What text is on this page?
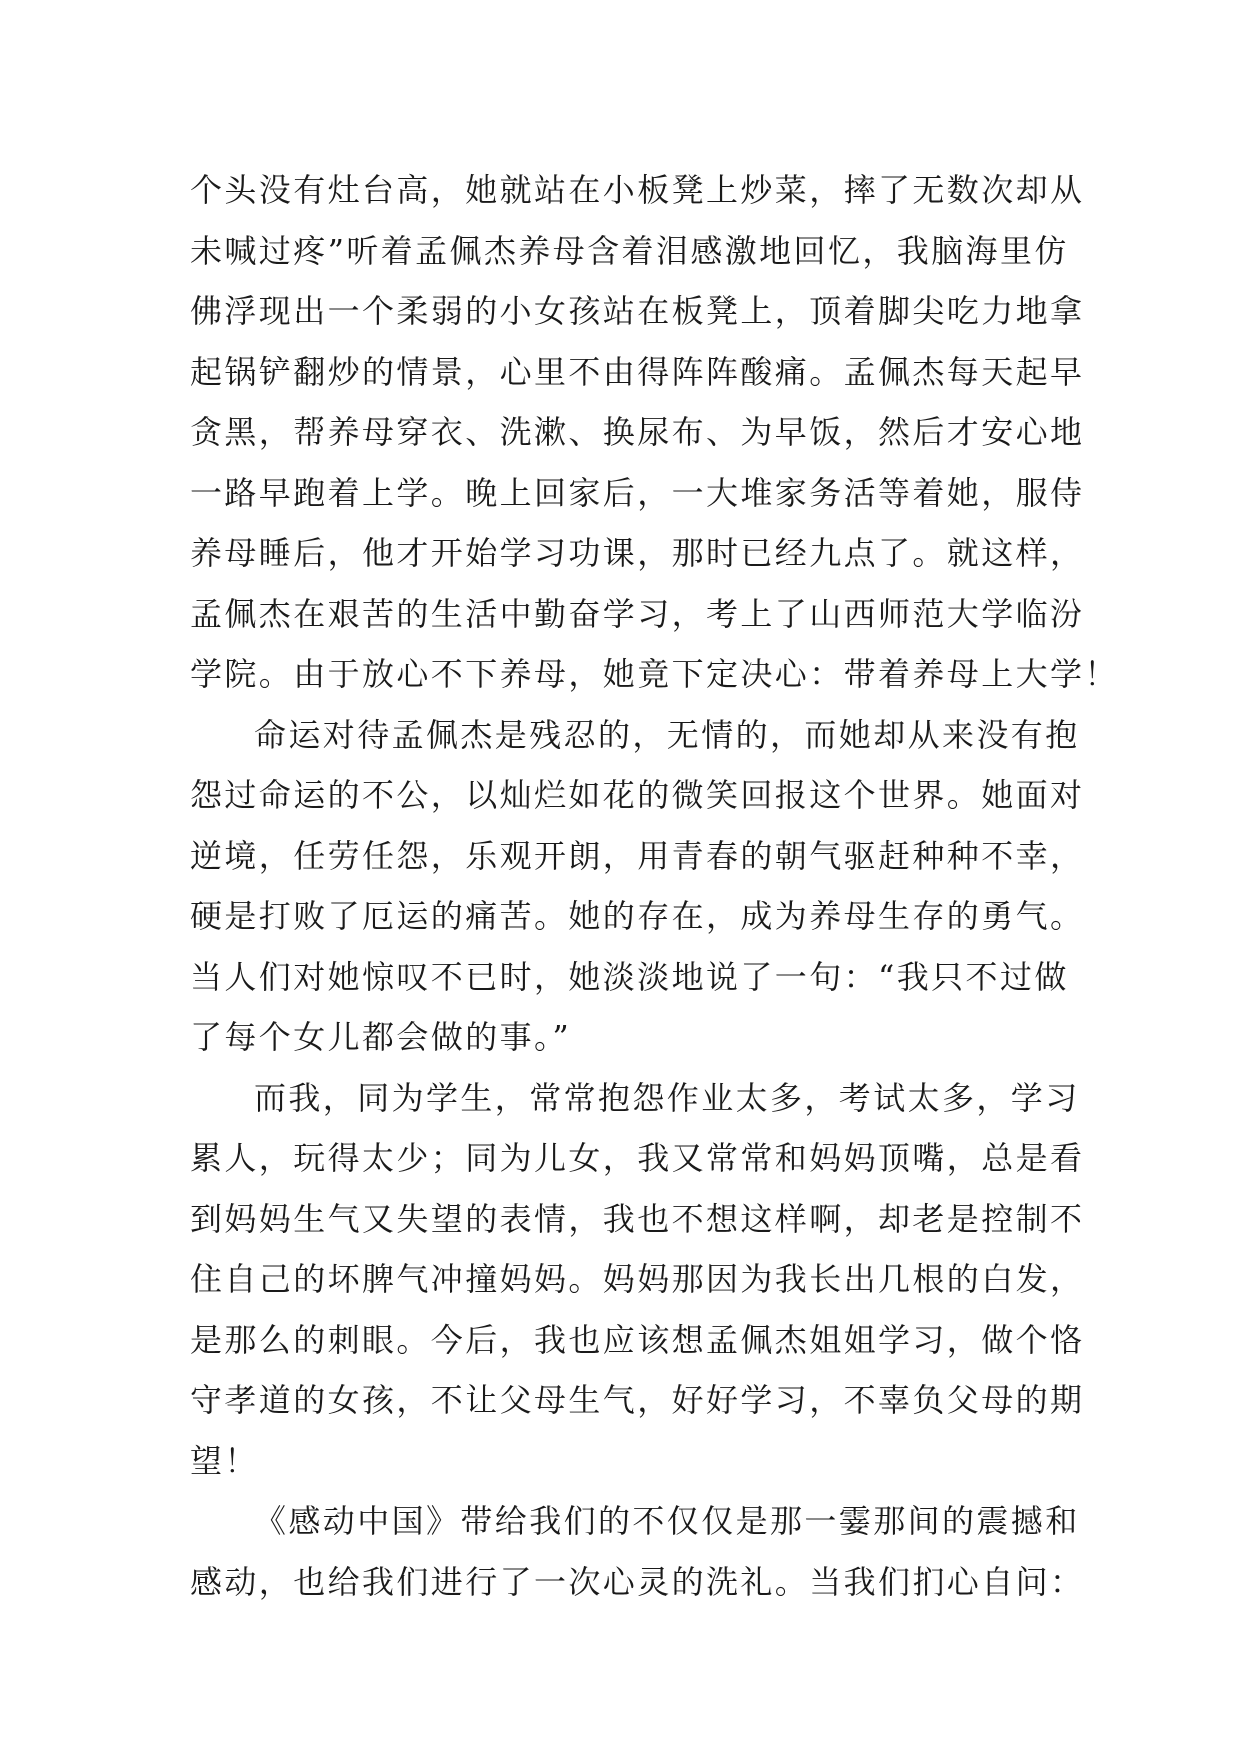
个头没有灶台高，她就站在小板凳上炒菜，摔了无数次却从
未喊过疼”听着孟佩杰养母含着泪感激地回忆，我脑海里仿
佛浮现出一个柔弱的小女孩站在板凳上，顶着脚尖吃力地拿
起锅铲翻炒的情景，心里不由得阵阵酸痛。孟佩杰每天起早
贪黑，帮养母穿衣、洗漱、换尿布、为早饭，然后才安心地
一路早跑着上学。晚上回家后，一大堆家务活等着她，服侍
养母睡后，他才开始学习功课，那时已经九点了。就这样，
孟佩杰在艰苦的生活中勤奋学习，考上了山西师范大学临汾
学院。由于放心不下养母，她竟下定决心：带着养母上大学！
命运对待孟佩杰是残忍的，无情的，而她却从来没有抱
怨过命运的不公，以灿烂如花的微笑回报这个世界。她面对
逆境，任劳任怨，乐观开朗，用青春的朝气驱赶种种不幸，
硬是打败了厄运的痛苦。她的存在，成为养母生存的勇气。
当人们对她惊叹不已时，她淡淡地说了一句：“我只不过做
了每个女儿都会做的事。”
而我，同为学生，常常抱怨作业太多，考试太多，学习
累人，玩得太少；同为儿女，我又常常和妈妈顶嘴，总是看
到妈妈生气又失望的表情，我也不想这样啊，却老是控制不
住自己的坏脾气冲撞妈妈。妈妈那因为我长出几根的白发，
是那么的刺眼。今后，我也应该想孟佩杰姐姐学习，做个恪
守孝道的女孩，不让父母生气，好好学习，不辜负父母的期
望！
《感动中国》带给我们的不仅仅是那一霎那间的震撼和
感动，也给我们进行了一次心灵的洗礼。当我们扪心自问：
